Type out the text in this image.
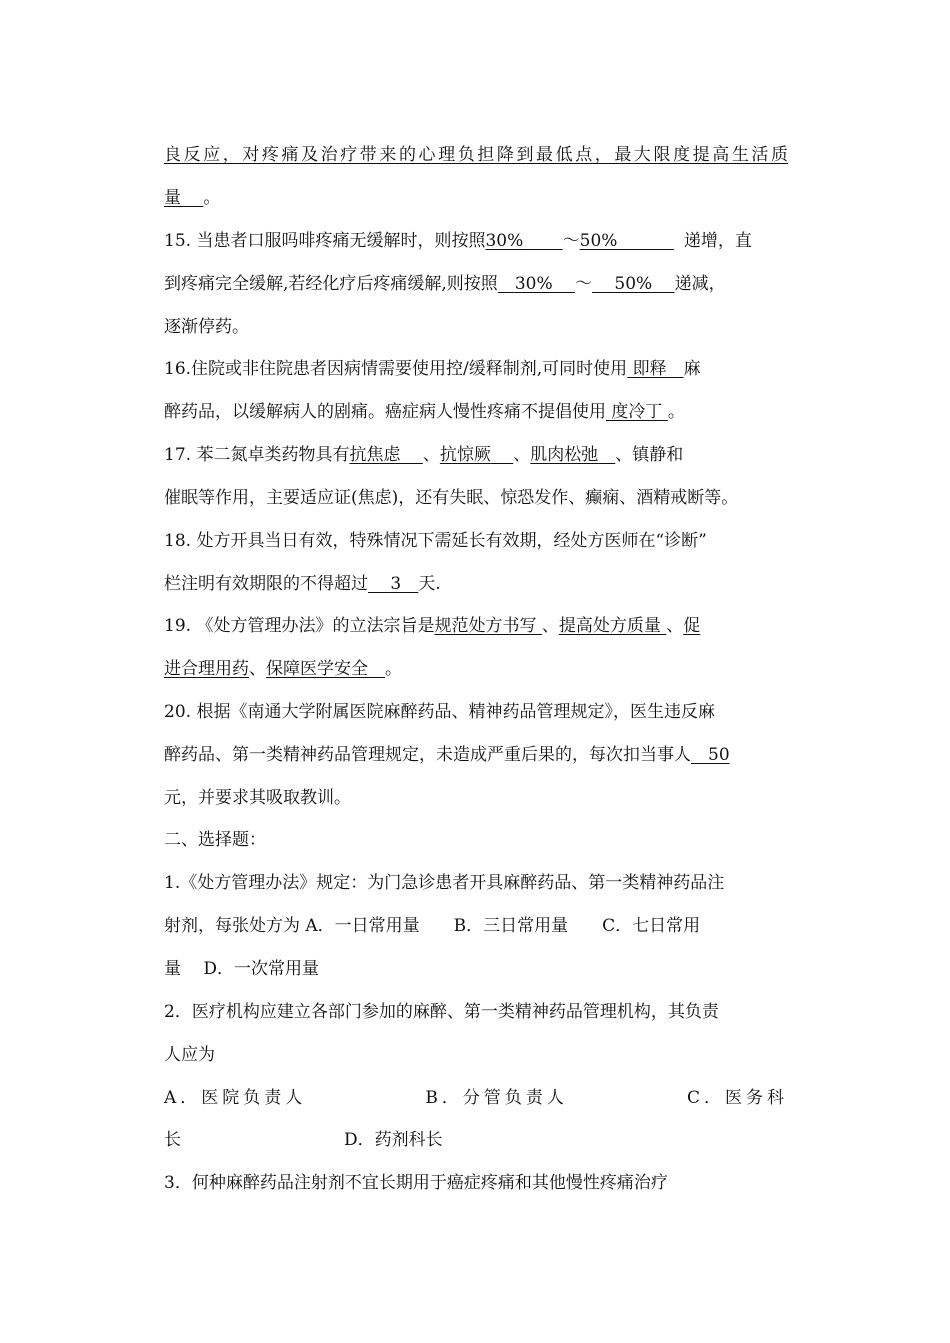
良反应，对疼痛及治疗带来的心理负担降到最低点，最大限度提高生活质
量　 。
15. 当患者口服吗啡疼痛无缓解时，则按照30%　　 ～50%　　 　	递增，直
到疼痛完全缓解,若经化疗后疼痛缓解,则按照　 30%　 ～　 50%　 递减，
逐渐停药。
16.住院或非住院患者因病情需要使用控/缓释制剂,可同时使用 即释　 麻
醉药品，以缓解病人的剧痛。癌症病人慢性疼痛不提倡使用 度冷丁 。
17. 苯二氮卓类药物具有抗焦虑　 、抗惊厥　 、肌肉松弛　 、镇静和
催眠等作用，主要适应证(焦虑)，还有失眠、惊恐发作、癫痫、酒精戒断等。
18. 处方开具当日有效，特殊情况下需延长有效期，经处方医师在“诊断”
栏注明有效期限的不得超过　 3　 天.
19. 《处方管理办法》的立法宗旨是规范处方书写 、提高处方质量 、促
进合理用药、保障医学安全　 。
20. 根据《南通大学附属医院麻醉药品、精神药品管理规定》，医生违反麻
醉药品、第一类精神药品管理规定，未造成严重后果的，每次扣当事人　 50
元，并要求其吸取教训。
二、选择题：
1.《处方管理办法》规定：为门急诊患者开具麻醉药品、第一类精神药品注
射剂，每张处方为 A．一日常用量　　B．三日常用量　　C．七日常用
量　 D．一次常用量
2．医疗机构应建立各部门参加的麻醉、第一类精神药品管理机构，其负责
人应为
A．医院负责人	B．分管负责人	C．医务科
长	D．药剂科长
3．何种麻醉药品注射剂不宜长期用于癌症疼痛和其他慢性疼痛治疗
